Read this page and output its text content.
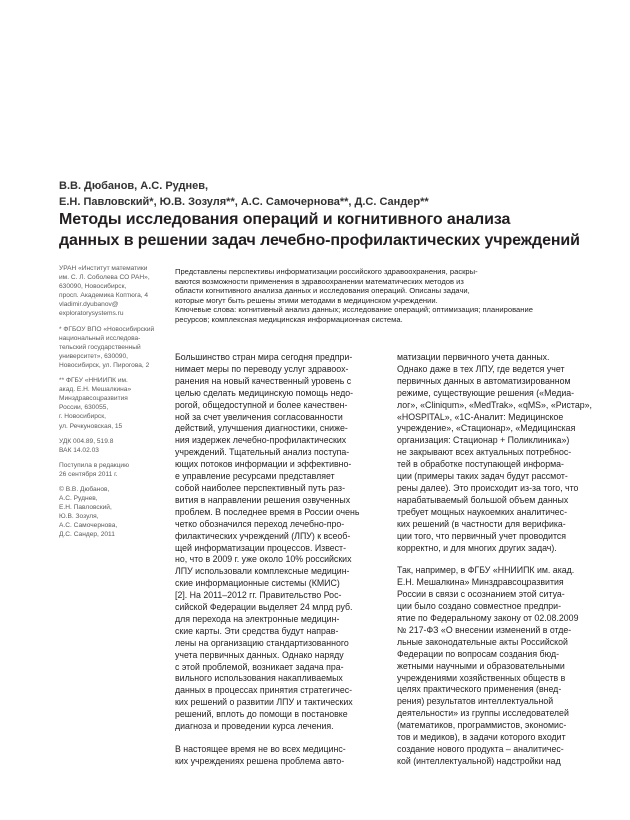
В.В. Дюбанов, А.С. Руднев,
Е.Н. Павловский*, Ю.В. Зозуля**, А.С. Самочернова**, Д.С. Сандер**
Методы исследования операций и когнитивного анализа
данных в решении задач лечебно-профилактических учреждений
УРАН «Институт математики
им. С. Л. Соболева СО РАН»,
630090, Новосибирск,
просп. Академика Коптюга, 4
vladimir.dyubanov@
exploratorysystems.ru
* ФГБОУ ВПО «Новосибирский
национальный исследова-
тельский государственный
университет», 630090,
Новосибирск, ул. Пирогова, 2
** ФГБУ «ННИИПК им.
акад. Е.Н. Мешалкина»
Минздравсоцразвития
России, 630055,
г. Новосибирск,
ул. Речкуновская, 15
УДК 004.89, 519.8
ВАК 14.02.03
Поступила в редакцию
26 сентября 2011 г.
© В.В. Дюбанов,
А.С. Руднев,
Е.Н. Павловский,
Ю.В. Зозуля,
А.С. Самочернова,
Д.С. Сандер, 2011
Представлены перспективы информатизации российского здравоохранения, раскры-
ваются возможности применения в здравоохранении математических методов из
области когнитивного анализа данных и исследования операций. Описаны задачи,
которые могут быть решены этими методами в медицинском учреждении.
Ключевые слова: когнитивный анализ данных; исследование операций; оптимизация; планирование
ресурсов; комплексная медицинская информационная система.
Большинство стран мира сегодня предпри-
нимает меры по переводу услуг здравоох-
ранения на новый качественный уровень с
целью сделать медицинскую помощь недо-
рогой, общедоступной и более качествен-
ной за счет увеличения согласованности
действий, улучшения диагностики, сниже-
ния издержек лечебно-профилактических
учреждений. Тщательный анализ поступа-
ющих потоков информации и эффективно-
е управление ресурсами представляет
собой наиболее перспективный путь раз-
вития в направлении решения озвученных
проблем. В последнее время в России очень
четко обозначился переход лечебно-про-
филактических учреждений (ЛПУ) к всеоб-
щей информатизации процессов. Извест-
но, что в 2009 г. уже около 10% российских
ЛПУ использовали комплексные медицин-
ские информационные системы (КМИС)
[2]. На 2011–2012 гг. Правительство Рос-
сийской Федерации выделяет 24 млрд руб.
для перехода на электронные медицин-
ские карты. Эти средства будут направ-
лены на организацию стандартизованного
учета первичных данных. Однако наряду
с этой проблемой, возникает задача пра-
вильного использования накапливаемых
данных в процессах принятия стратегичес-
ких решений о развитии ЛПУ и тактических
решений, вплоть до помощи в постановке
диагноза и проведении курса лечения.
В настоящее время не во всех медицинс-
ких учреждениях решена проблема авто-
матизации первичного учета данных.
Однако даже в тех ЛПУ, где ведется учет
первичных данных в автоматизированном
режиме, существующие решения («Медиа-
лог», «Cliniqum», «MedTrak», «qMS», «Ристар»,
«HOSPITAL», «1С-Аналит: Медицинское
учреждение», «Стационар», «Медицинская
организация: Стационар + Поликлиника»)
не закрывают всех актуальных потребнос-
тей в обработке поступающей информа-
ции (примеры таких задач будут рассмот-
рены далее). Это происходит из-за того, что
нарабатываемый большой объем данных
требует мощных наукоемких аналитичес-
ких решений (в частности для верифика-
ции того, что первичный учет проводится
корректно, и для многих других задач).
Так, например, в ФГБУ «ННИИПК им. акад.
Е.Н. Мешалкина» Минздравсоцразвития
России в связи с осознанием этой ситуа-
ции было создано совместное предпри-
ятие по Федеральному закону от 02.08.2009
№ 217-ФЗ «О внесении изменений в отде-
льные законодательные акты Российской
Федерации по вопросам создания бюд-
жетными научными и образовательными
учреждениями хозяйственных обществ в
целях практического применения (внед-
рения) результатов интеллектуальной
деятельности» из группы исследователей
(математиков, программистов, экономис-
тов и медиков), в задачи которого входит
создание нового продукта – аналитичес-
кой (интеллектуальной) надстройки над
